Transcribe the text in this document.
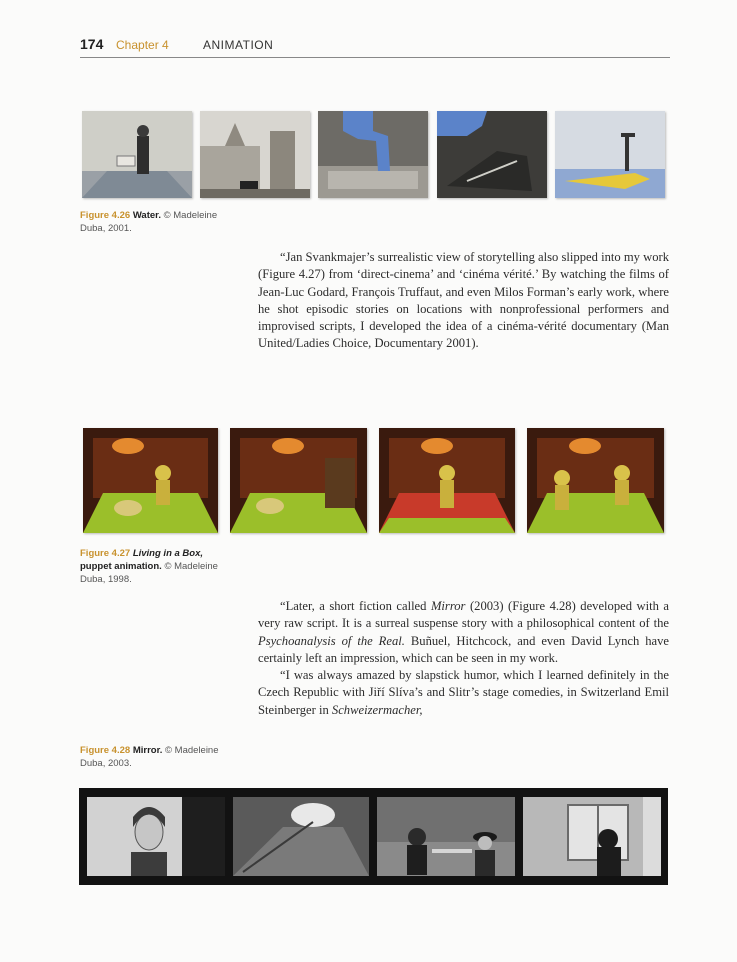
174 Chapter 4	ANIMATION
Figure 4.26 Water. © Madeleine
Duba, 2001.

“Jan Svankmajer’s surrealistic view of storytelling also slipped into my work (Figure 4.27) from ‘direct-cinema’ and ‘cinéma vérité.’ By watching the films of Jean-Luc Godard, François Truffaut, and even Milos Forman’s early work, where he shot episodic stories on locations with nonprofessional performers and improvised scripts, I developed the idea of a cinéma-vérité documentary (Man United/Ladies Choice, Documentary 2001).

Figure 4.27 Living in a Box,
puppet animation. © Madeleine
Duba, 1998.

“Later, a short fiction called Mirror (2003) (Figure 4.28) developed with a very raw script. It is a surreal suspense story with a philosophical content of the Psychoanalysis of the Real. Buñuel, Hitchcock, and even David Lynch have certainly left an impression, which can be seen in my work.

“I was always amazed by slapstick humor, which I learned definitely in the Czech Republic with Jiří Slíva’s and Slitr’s stage comedies, in Switzerland Emil Steinberger in Schweizermacher,

Figure 4.28 Mirror. © Madeleine
Duba, 2003.
